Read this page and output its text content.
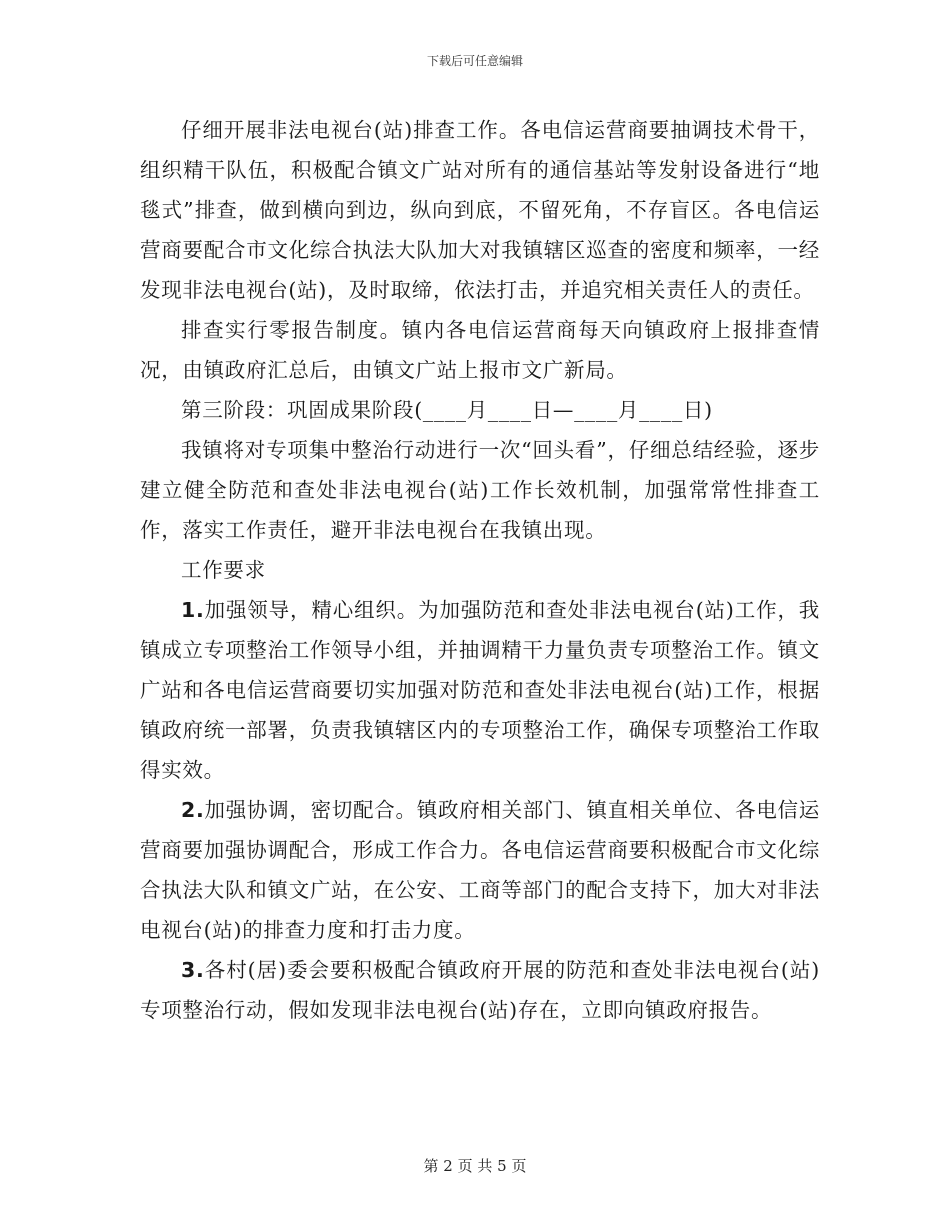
下载后可任意编辑

仔细开展非法电视台(站)排查工作。各电信运营商要抽调技术骨干，组织精干队伍，积极配合镇文广站对所有的通信基站等发射设备进行“地毯式”排查，做到横向到边，纵向到底，不留死角，不存盲区。各电信运营商要配合市文化综合执法大队加大对我镇辖区巡查的密度和频率，一经发现非法电视台(站)，及时取缔，依法打击，并追究相关责任人的责任。

排查实行零报告制度。镇内各电信运营商每天向镇政府上报排查情况，由镇政府汇总后，由镇文广站上报市文广新局。

第三阶段：巩固成果阶段(____月____日—____月____日)

我镇将对专项集中整治行动进行一次“回头看”，仔细总结经验，逐步建立健全防范和查处非法电视台(站)工作长效机制，加强常常性排查工作，落实工作责任，避开非法电视台在我镇出现。

工作要求

1.加强领导，精心组织。为加强防范和查处非法电视台(站)工作，我镇成立专项整治工作领导小组，并抽调精干力量负责专项整治工作。镇文广站和各电信运营商要切实加强对防范和查处非法电视台(站)工作，根据镇政府统一部署，负责我镇辖区内的专项整治工作，确保专项整治工作取得实效。

2.加强协调，密切配合。镇政府相关部门、镇直相关单位、各电信运营商要加强协调配合，形成工作合力。各电信运营商要积极配合市文化综合执法大队和镇文广站，在公安、工商等部门的配合支持下，加大对非法电视台(站)的排查力度和打击力度。

3.各村(居)委会要积极配合镇政府开展的防范和查处非法电视台(站)专项整治行动，假如发现非法电视台(站)存在，立即向镇政府报告。

第 2 页 共 5 页
